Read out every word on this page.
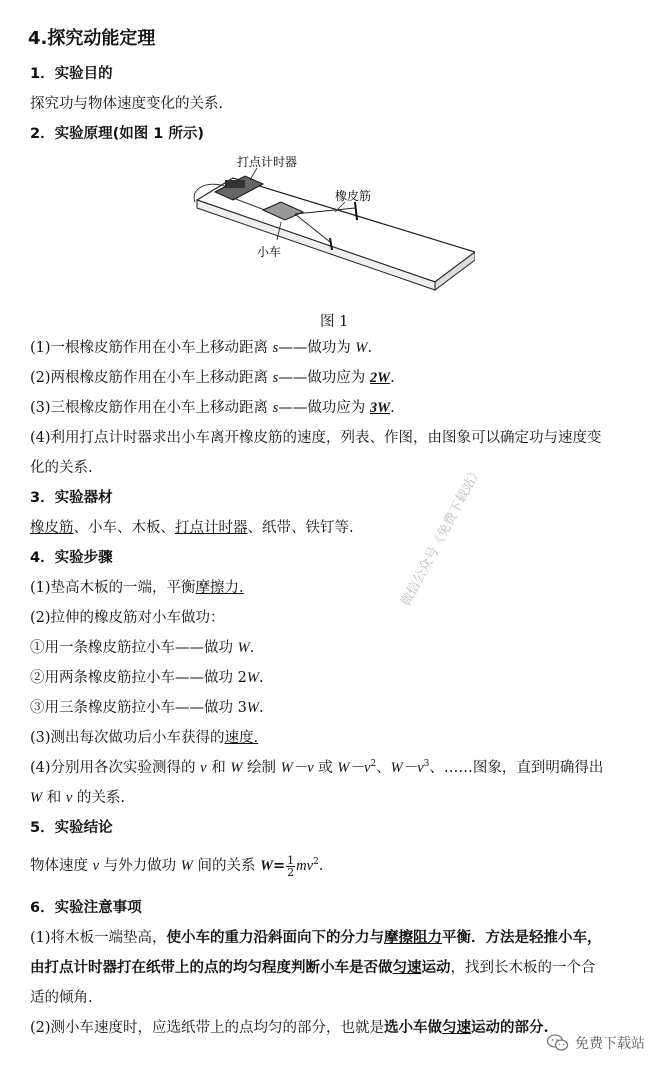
4.探究动能定理
1．实验目的
探究功与物体速度变化的关系.
2．实验原理(如图 1 所示)
打点计时器
橡皮筋
小车
图 1
(1)一根橡皮筋作用在小车上移动距离 s——做功为 W.
(2)两根橡皮筋作用在小车上移动距离 s——做功应为 2W.
(3)三根橡皮筋作用在小车上移动距离 s——做功应为 3W.
(4)利用打点计时器求出小车离开橡皮筋的速度，列表、作图，由图象可以确定功与速度变
化的关系.
3．实验器材
橡皮筋、小车、木板、打点计时器、纸带、铁钉等.
4．实验步骤
(1)垫高木板的一端，平衡摩擦力.
(2)拉伸的橡皮筋对小车做功：
①用一条橡皮筋拉小车——做功 W.
②用两条橡皮筋拉小车——做功 2W.
③用三条橡皮筋拉小车——做功 3W.
(3)测出每次做功后小车获得的速度.
(4)分别用各次实验测得的 v 和 W 绘制 W－v 或 $W-v^2$、$W-v^3$、……图象，直到明确得出
W 和 v 的关系.
5．实验结论
物体速度 v 与外力做功 W 间的关系 $W= \frac{1}{2} mv^2$.
6．实验注意事项
(1)将木板一端垫高，使小车的重力沿斜面向下的分力与摩擦阻力平衡．方法是轻推小车，
由打点计时器打在纸带上的点的均匀程度判断小车是否做匀速运动，找到长木板的一个合
适的倾角.
(2)测小车速度时，应选纸带上的点均匀的部分，也就是选小车做匀速运动的部分.
微信公众号《免费下载站》
免费下载站
